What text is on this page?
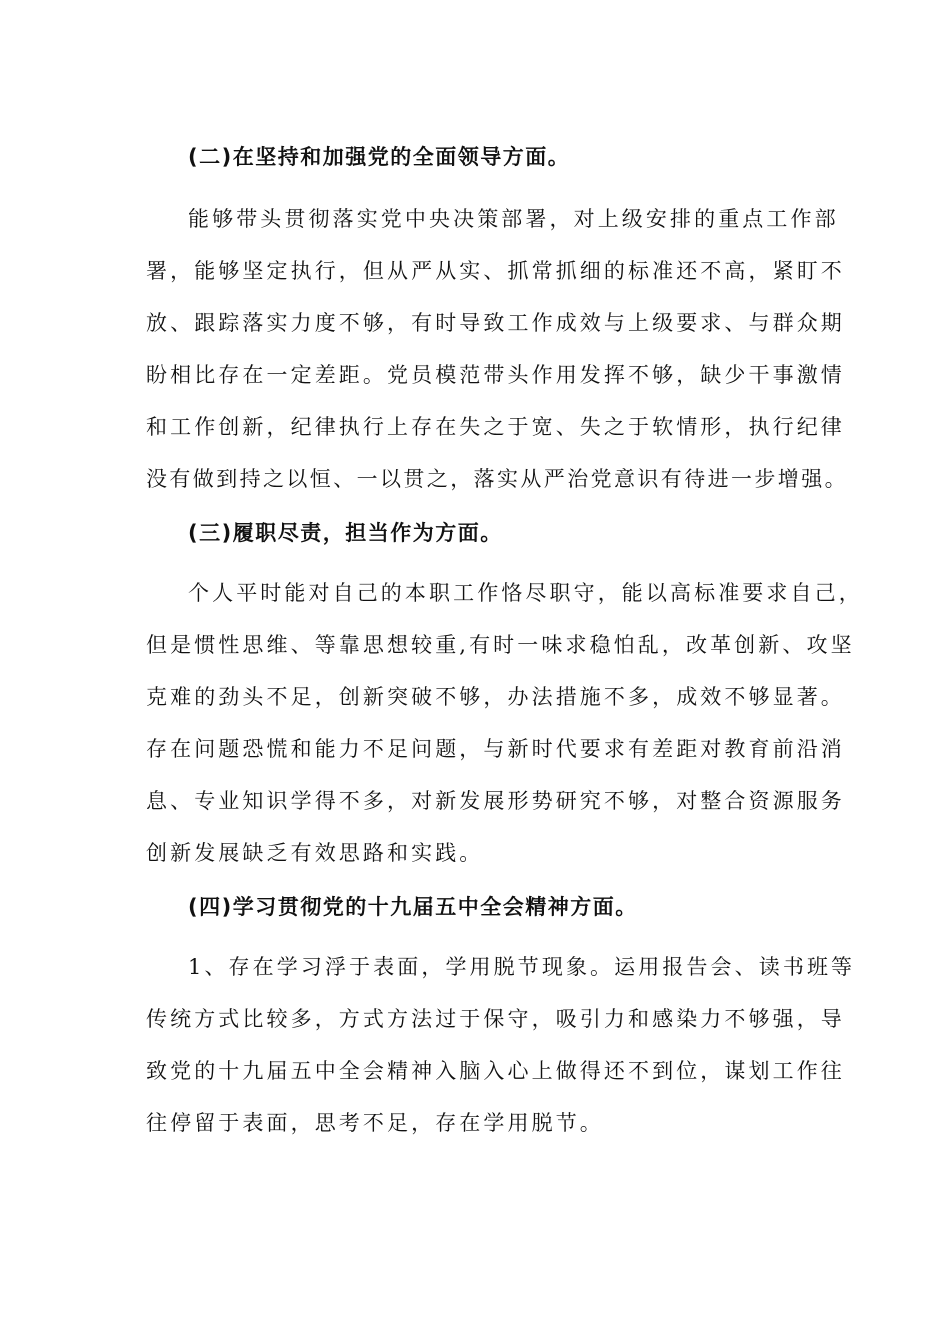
(二)在坚持和加强党的全面领导方面。
能够带头贯彻落实党中央决策部署，对上级安排的重点工作部
署，能够坚定执行，但从严从实、抓常抓细的标准还不高，紧盯不
放、跟踪落实力度不够，有时导致工作成效与上级要求、与群众期
盼相比存在一定差距。党员模范带头作用发挥不够，缺少干事激情
和工作创新，纪律执行上存在失之于宽、失之于软情形，执行纪律
没有做到持之以恒、一以贯之，落实从严治党意识有待进一步增强。
(三)履职尽责，担当作为方面。
个人平时能对自己的本职工作恪尽职守，能以高标准要求自己，
但是惯性思维、等靠思想较重,有时一味求稳怕乱，改革创新、攻坚
克难的劲头不足，创新突破不够，办法措施不多，成效不够显著。
存在问题恐慌和能力不足问题，与新时代要求有差距对教育前沿消
息、专业知识学得不多，对新发展形势研究不够，对整合资源服务
创新发展缺乏有效思路和实践。
(四)学习贯彻党的十九届五中全会精神方面。
1、存在学习浮于表面，学用脱节现象。运用报告会、读书班等
传统方式比较多，方式方法过于保守，吸引力和感染力不够强，导
致党的十九届五中全会精神入脑入心上做得还不到位，谋划工作往
往停留于表面，思考不足，存在学用脱节。
